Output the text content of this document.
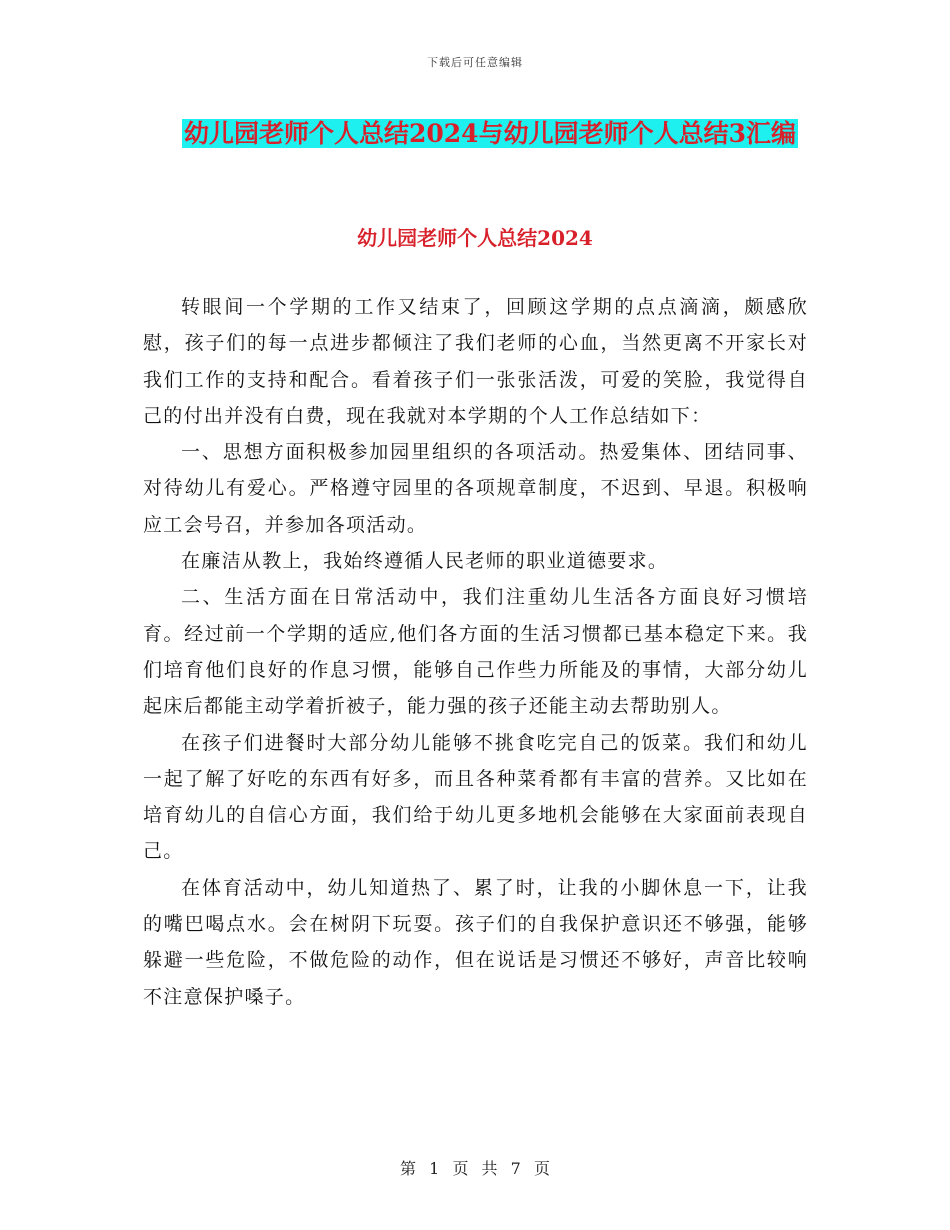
下载后可任意编辑
幼儿园老师个人总结2024与幼儿园老师个人总结3汇编
幼儿园老师个人总结2024

转眼间一个学期的工作又结束了，回顾这学期的点点滴滴，颇感欣慰，孩子们的每一点进步都倾注了我们老师的心血，当然更离不开家长对我们工作的支持和配合。看着孩子们一张张活泼，可爱的笑脸，我觉得自己的付出并没有白费，现在我就对本学期的个人工作总结如下：

一、思想方面积极参加园里组织的各项活动。热爱集体、团结同事、对待幼儿有爱心。严格遵守园里的各项规章制度，不迟到、早退。积极响应工会号召，并参加各项活动。

在廉洁从教上，我始终遵循人民老师的职业道德要求。

二、生活方面在日常活动中，我们注重幼儿生活各方面良好习惯培育。经过前一个学期的适应,他们各方面的生活习惯都已基本稳定下来。我们培育他们良好的作息习惯，能够自己作些力所能及的事情，大部分幼儿起床后都能主动学着折被子，能力强的孩子还能主动去帮助别人。

在孩子们进餐时大部分幼儿能够不挑食吃完自己的饭菜。我们和幼儿一起了解了好吃的东西有好多，而且各种菜肴都有丰富的营养。又比如在培育幼儿的自信心方面，我们给于幼儿更多地机会能够在大家面前表现自己。

在体育活动中，幼儿知道热了、累了时，让我的小脚休息一下，让我的嘴巴喝点水。会在树阴下玩耍。孩子们的自我保护意识还不够强，能够躲避一些危险，不做危险的动作，但在说话是习惯还不够好，声音比较响不注意保护嗓子。

第 1 页 共 7 页
